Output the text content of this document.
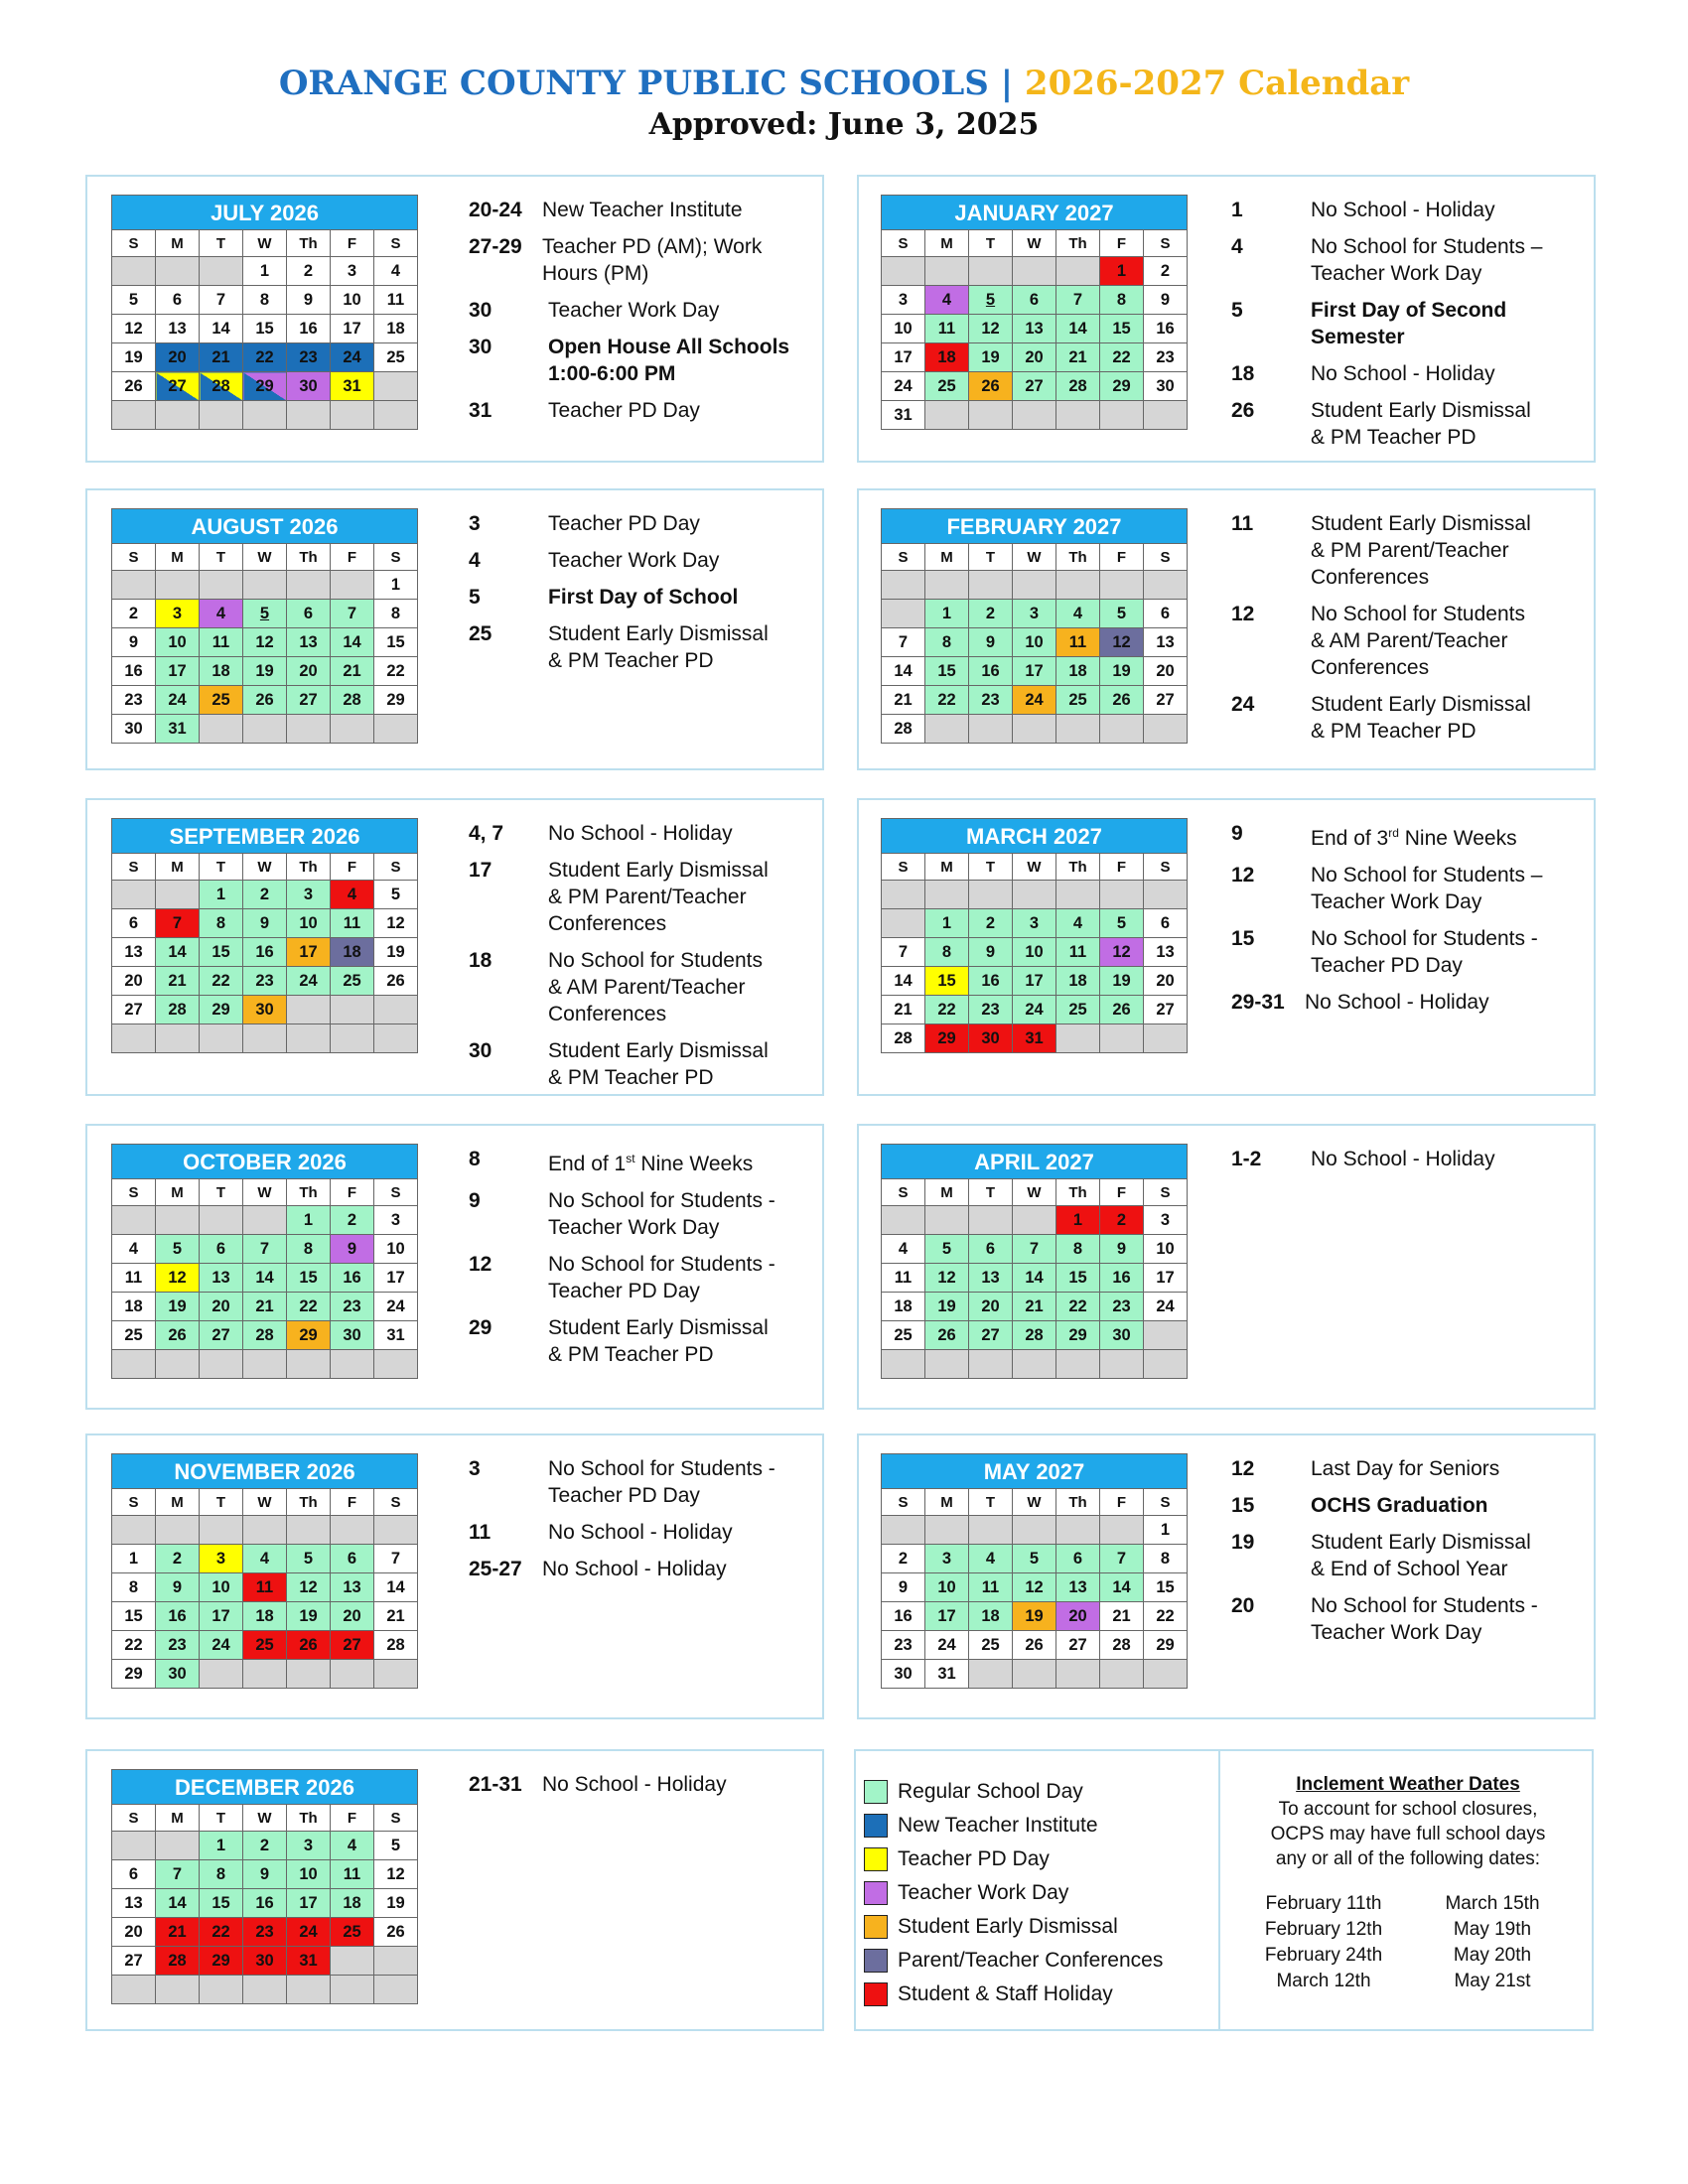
ORANGE COUNTY PUBLIC SCHOOLS | 2026-2027 Calendar
Approved: June 3, 2025
JULY 2026
S	M	T	W	Th	F	S
			1	2	3	4
5	6	7	8	9	10	11
12	13	14	15	16	17	18
19	20	21	22	23	24	25
26	27	28	29	30	31	

20-24 New Teacher Institute
27-29 Teacher PD (AM); Work
Hours (PM)
30	Teacher Work Day
30	Open House All Schools
1:00-6:00 PM
31	Teacher PD Day
AUGUST 2026
S	M	T	W	Th	F	S
						1
2	3	4	5	6	7	8
9	10	11	12	13	14	15
16	17	18	19	20	21	22
23	24	25	26	27	28	29
30	31					
3	Teacher PD Day
4	Teacher Work Day
5	First Day of School
25	Student Early Dismissal
& PM Teacher PD
SEPTEMBER 2026
S	M	T	W	Th	F	S
		1	2	3	4	5
6	7	8	9	10	11	12
13	14	15	16	17	18	19
20	21	22	23	24	25	26
27	28	29	30			

4, 7	No School - Holiday
17	Student Early Dismissal
& PM Parent/Teacher
Conferences
18	No School for Students
& AM Parent/Teacher
Conferences
30	Student Early Dismissal
& PM Teacher PD
OCTOBER 2026
S	M	T	W	Th	F	S
				1	2	3
4	5	6	7	8	9	10
11	12	13	14	15	16	17
18	19	20	21	22	23	24
25	26	27	28	29	30	31

8	End of 1st Nine Weeks
9	No School for Students -
Teacher Work Day
12	No School for Students -
Teacher PD Day
29	Student Early Dismissal
& PM Teacher PD
NOVEMBER 2026
S	M	T	W	Th	F	S

1	2	3	4	5	6	7
8	9	10	11	12	13	14
15	16	17	18	19	20	21
22	23	24	25	26	27	28
29	30					
3	No School for Students -
Teacher PD Day
11	No School - Holiday
25-27 No School - Holiday
DECEMBER 2026
S	M	T	W	Th	F	S
		1	2	3	4	5
6	7	8	9	10	11	12
13	14	15	16	17	18	19
20	21	22	23	24	25	26
27	28	29	30	31		

21-31 No School - Holiday
JANUARY 2027
S	M	T	W	Th	F	S
					1	2
3	4	5	6	7	8	9
10	11	12	13	14	15	16
17	18	19	20	21	22	23
24	25	26	27	28	29	30
31						
1	No School - Holiday
4	No School for Students –
Teacher Work Day
5	First Day of Second
Semester
18	No School - Holiday
26	Student Early Dismissal
& PM Teacher PD
FEBRUARY 2027
S	M	T	W	Th	F	S

	1	2	3	4	5	6
7	8	9	10	11	12	13
14	15	16	17	18	19	20
21	22	23	24	25	26	27
28						
11	Student Early Dismissal
& PM Parent/Teacher
Conferences
12	No School for Students
& AM Parent/Teacher
Conferences
24	Student Early Dismissal
& PM Teacher PD
MARCH 2027
S	M	T	W	Th	F	S

	1	2	3	4	5	6
7	8	9	10	11	12	13
14	15	16	17	18	19	20
21	22	23	24	25	26	27
28	29	30	31			
9	End of 3rd Nine Weeks
12	No School for Students –
Teacher Work Day
15	No School for Students -
Teacher PD Day
29-31 No School - Holiday
APRIL 2027
S	M	T	W	Th	F	S
				1	2	3
4	5	6	7	8	9	10
11	12	13	14	15	16	17
18	19	20	21	22	23	24
25	26	27	28	29	30	

1-2	No School - Holiday
MAY 2027
S	M	T	W	Th	F	S
						1
2	3	4	5	6	7	8
9	10	11	12	13	14	15
16	17	18	19	20	21	22
23	24	25	26	27	28	29
30	31					
12	Last Day for Seniors
15	OCHS Graduation
19	Student Early Dismissal
& End of School Year
20	No School for Students -
Teacher Work Day
Regular School Day
New Teacher Institute
Teacher PD Day
Teacher Work Day
Student Early Dismissal
Parent/Teacher Conferences
Student & Staff Holiday
Inclement Weather Dates
To account for school closures,
OCPS may have full school days
any or all of the following dates:
February 11th
February 12th
February 24th
March 12th
March 15th
May 19th
May 20th
May 21st
